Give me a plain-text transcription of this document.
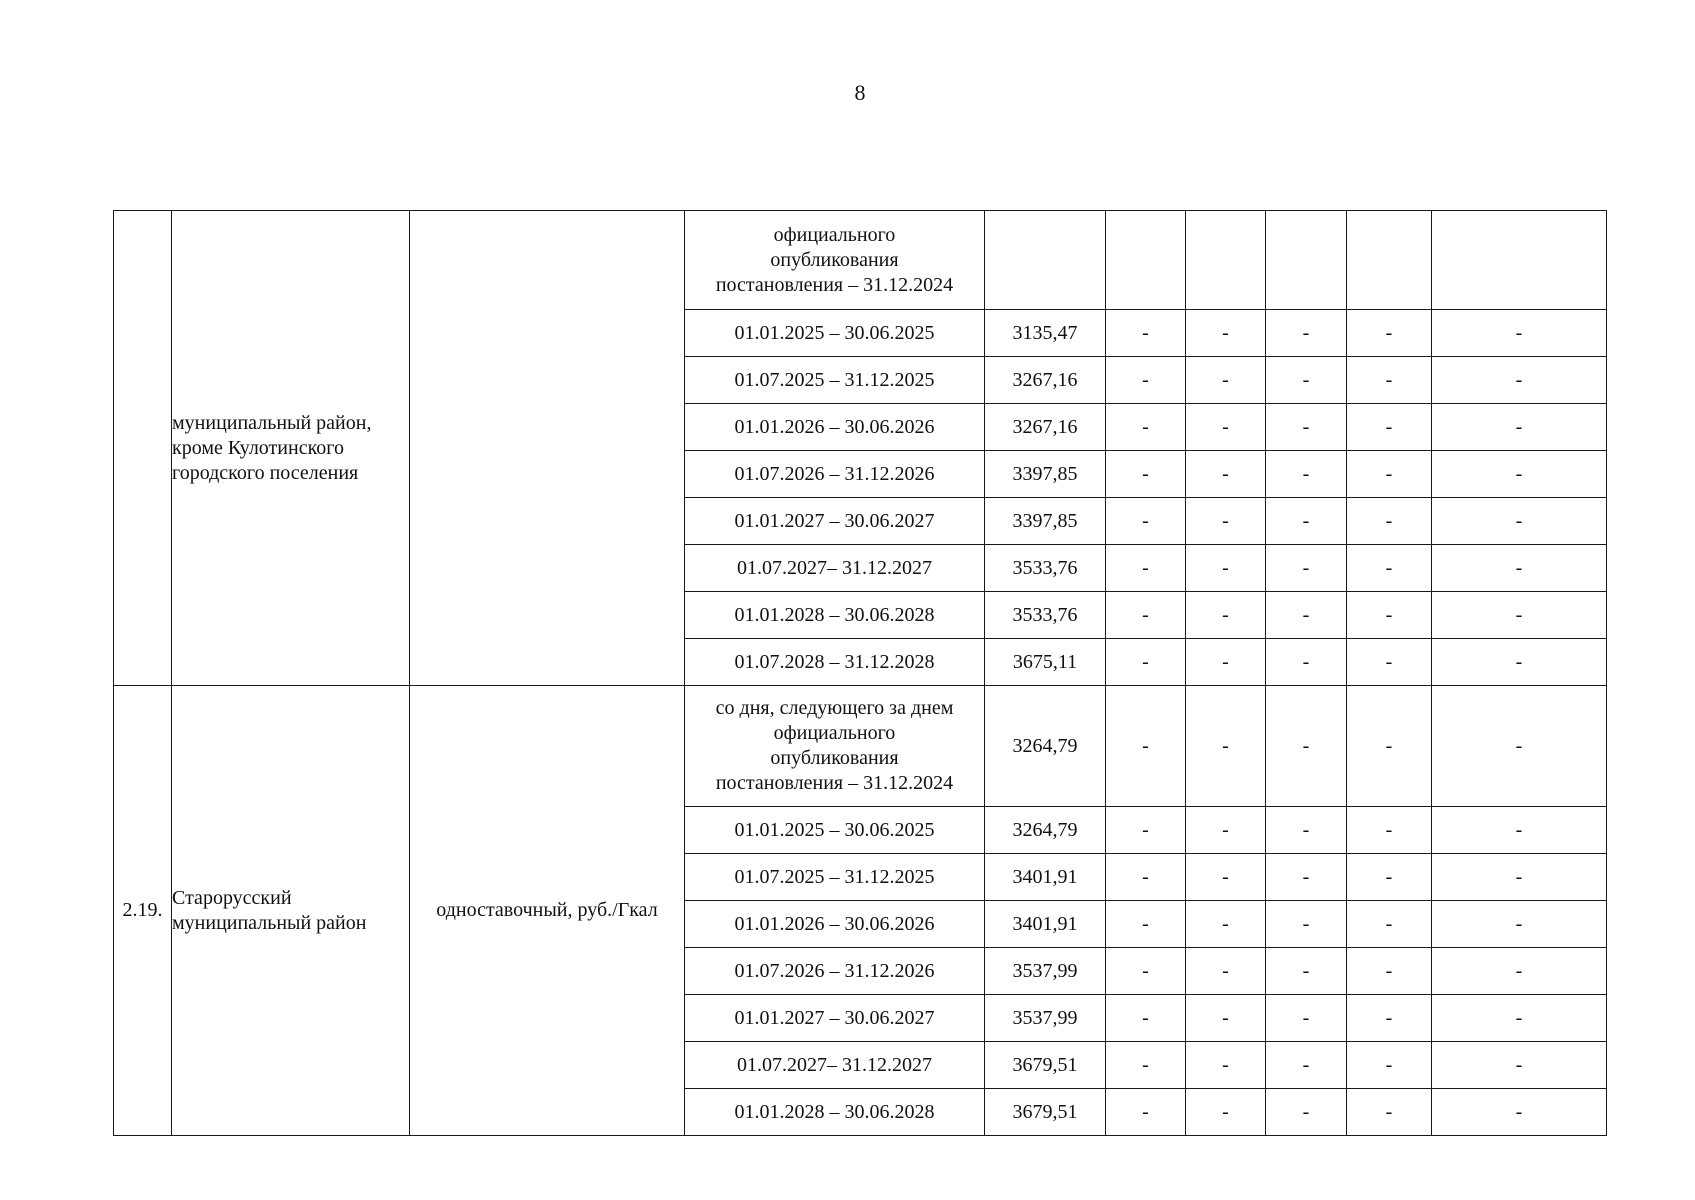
8

	муниципальный район,
кроме Кулотинского
городского поселения		официального
опубликования
постановления – 31.12.2024						

			01.01.2025 – 30.06.2025	3135,47	-	-	-	-	-
			01.07.2025 – 31.12.2025	3267,16	-	-	-	-	-
			01.01.2026 – 30.06.2026	3267,16	-	-	-	-	-
			01.07.2026 – 31.12.2026	3397,85	-	-	-	-	-
			01.01.2027 – 30.06.2027	3397,85	-	-	-	-	-
			01.07.2027– 31.12.2027	3533,76	-	-	-	-	-
			01.01.2028 – 30.06.2028	3533,76	-	-	-	-	-
			01.07.2028 – 31.12.2028	3675,11	-	-	-	-	-
2.19.	Старорусский
муниципальный район	одноставочный, руб./Гкал	со дня, следующего за днем
официального
опубликования
постановления – 31.12.2024	3264,79	-	-	-	-	-
			01.01.2025 – 30.06.2025	3264,79	-	-	-	-	-
			01.07.2025 – 31.12.2025	3401,91	-	-	-	-	-
			01.01.2026 – 30.06.2026	3401,91	-	-	-	-	-
			01.07.2026 – 31.12.2026	3537,99	-	-	-	-	-
			01.01.2027 – 30.06.2027	3537,99	-	-	-	-	-
			01.07.2027– 31.12.2027	3679,51	-	-	-	-	-
			01.01.2028 – 30.06.2028	3679,51	-	-	-	-	-
